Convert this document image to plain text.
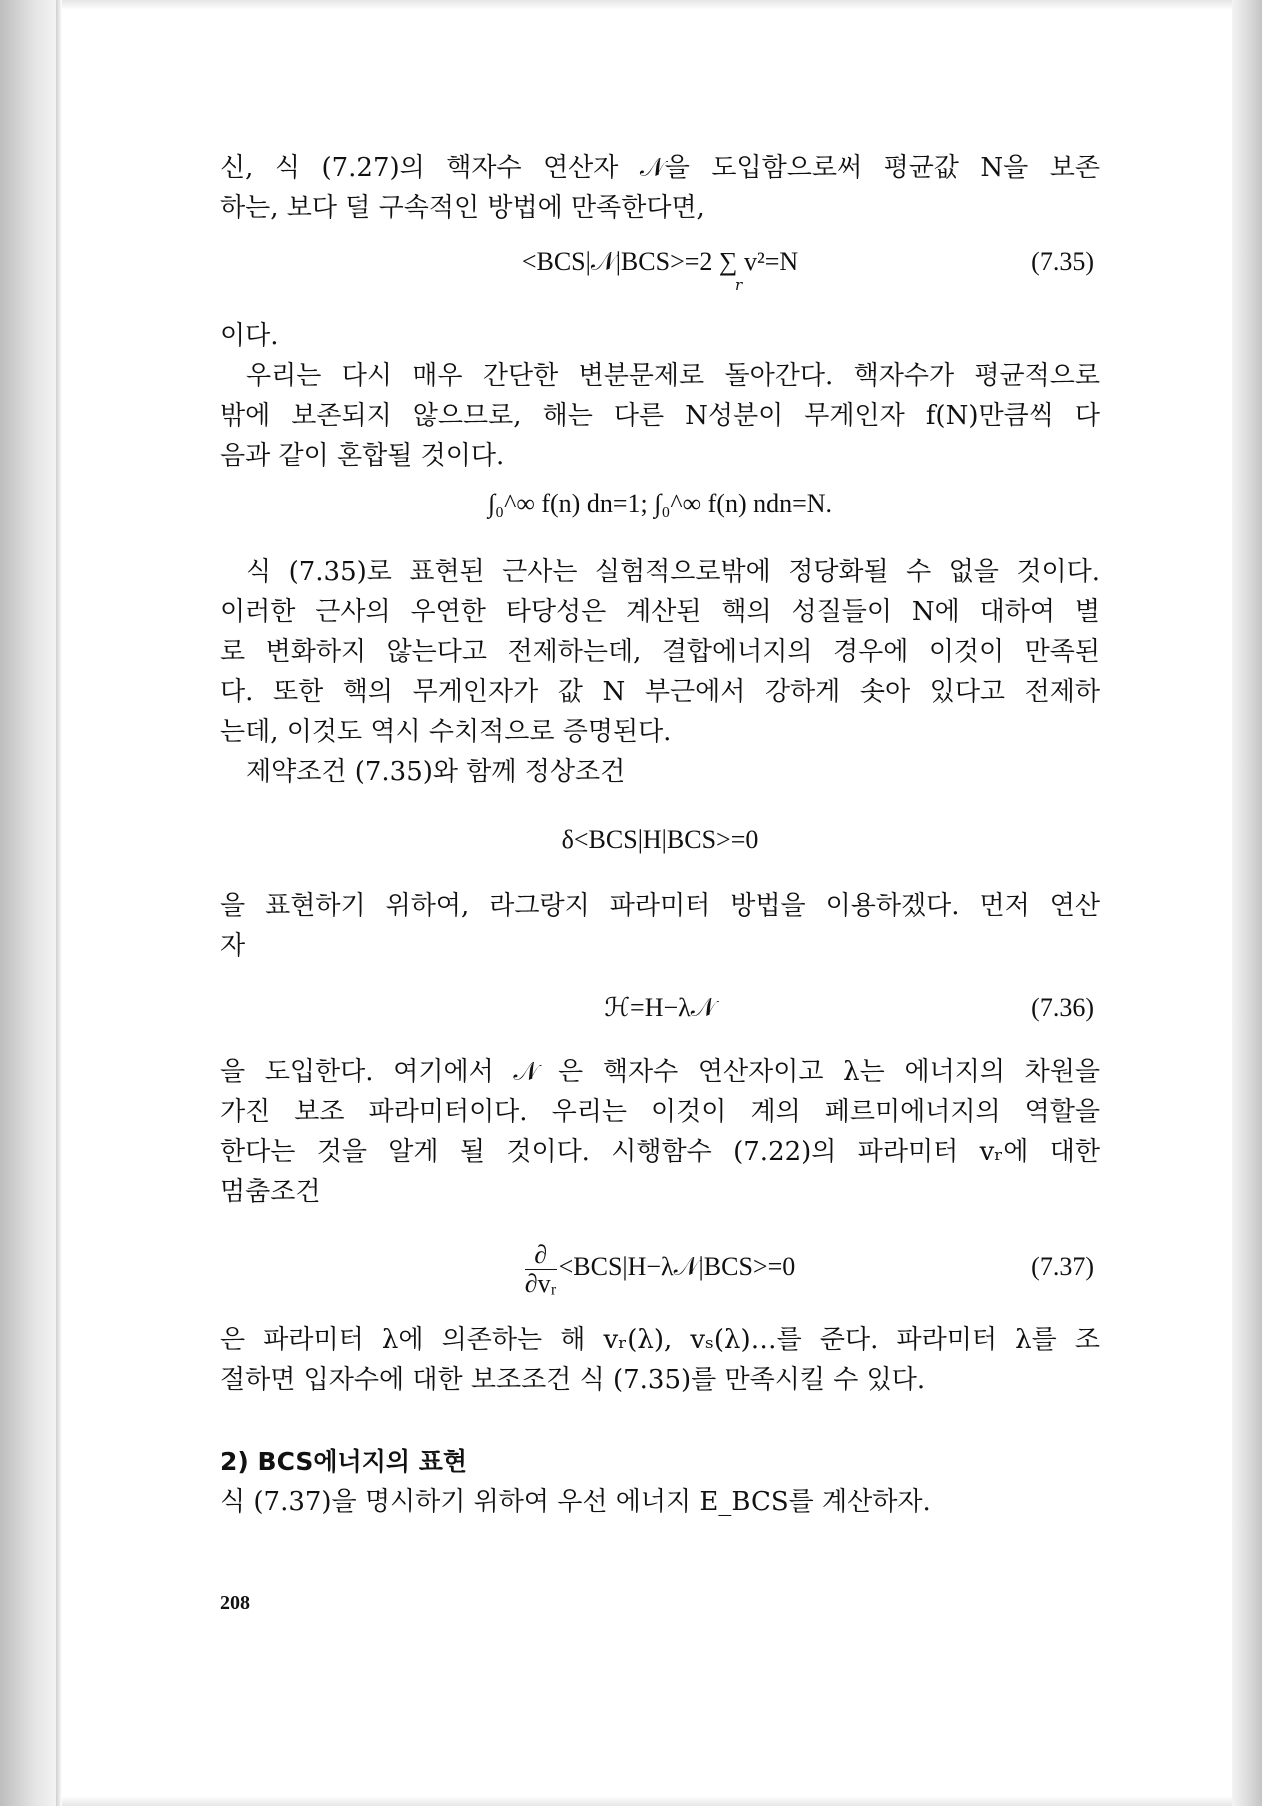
신, 식 (7.27)의 핵자수 연산자 𝒩을 도입함으로써 평균값 N을 보존

하는, 보다 덜 구속적인 방법에 만족한다면,

<BCS|𝒩|BCS>=2 ∑ v²=N	(7.35)
r

이다.

우리는 다시 매우 간단한 변분문제로 돌아간다. 핵자수가 평균적으로

밖에 보존되지 않으므로, 해는 다른 N성분이 무게인자 f(N)만큼씩 다

음과 같이 혼합될 것이다.

∫₀^∞ f(n) dn=1; ∫₀^∞ f(n) ndn=N.

식 (7.35)로 표현된 근사는 실험적으로밖에 정당화될 수 없을 것이다.

이러한 근사의 우연한 타당성은 계산된 핵의 성질들이 N에 대하여 별

로 변화하지 않는다고 전제하는데, 결합에너지의 경우에 이것이 만족된

다. 또한 핵의 무게인자가 값 N 부근에서 강하게 솟아 있다고 전제하

는데, 이것도 역시 수치적으로 증명된다.

제약조건 (7.35)와 함께 정상조건

δ<BCS|H|BCS>=0

을 표현하기 위하여, 라그랑지 파라미터 방법을 이용하겠다. 먼저 연산

자

ℋ=H−λ𝒩	(7.36)

을 도입한다. 여기에서 𝒩 은 핵자수 연산자이고 λ는 에너지의 차원을

가진 보조 파라미터이다. 우리는 이것이 계의 페르미에너지의 역할을

한다는 것을 알게 될 것이다. 시행함수 (7.22)의 파라미터 vᵣ에 대한

멈춤조건

$\frac{\partial}{\text{∂vᵣ}}$ <BCS|H−λ𝒩|BCS>=0	(7.37)

은 파라미터 λ에 의존하는 해 vᵣ(λ), vₛ(λ)…를 준다. 파라미터 λ를 조

절하면 입자수에 대한 보조조건 식 (7.35)를 만족시킬 수 있다.

2) BCS에너지의 표현

식 (7.37)을 명시하기 위하여 우선 에너지 E_BCS를 계산하자.

208
